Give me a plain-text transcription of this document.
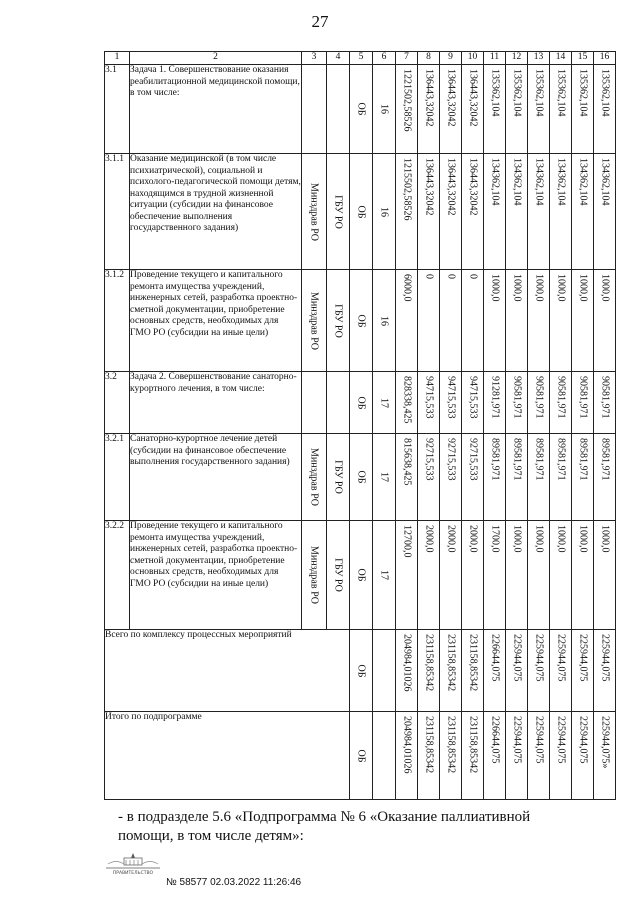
27
1	2	3	4	5	6	7	8	9	10	11	12	13	14	15	16
3.1	Задача 1. Совершенствование оказания реабилитационной медицинской помощи, в том числе:			ОБ	16	1221502,58526	136443,32042	136443,32042	136443,32042	135362,104	135362,104	135362,104	135362,104	135362,104	135362,104

3.1.1	Оказание медицинской (в том числе психиатрической), социальной и психолого-педагогической помощи детям, находящимся в трудной жизненной ситуации (субсидии на финансовое обеспечение выполнения государственного задания)	Минздрав РО	ГБУ РО	ОБ	16	1215502,58526	136443,32042	136443,32042	136443,32042	134362,104	134362,104	134362,104	134362,104	134362,104	134362,104

3.1.2	Проведение текущего и капитального ремонта имущества учреждений, инженерных сетей, разработка проектно-сметной документации, приобретение основных средств, необходимых для ГМО РО (субсидии на иные цели)	Минздрав РО	ГБУ РО	ОБ	16	6000,0	0	0	0	1000,0	1000,0	1000,0	1000,0	1000,0	1000,0

3.2	Задача 2. Совершенствование санаторно-курортного лечения, в том числе:			ОБ	17	828338,425	94715,533	94715,533	94715,533	91281,971	90581,971	90581,971	90581,971	90581,971	90581,971

3.2.1	Санаторно-курортное лечение детей (субсидии на финансовое обеспечение выполнения государственного задания)	Минздрав РО	ГБУ РО	ОБ	17	815638,425	92715,533	92715,533	92715,533	89581,971	89581,971	89581,971	89581,971	89581,971	89581,971

3.2.2	Проведение текущего и капитального ремонта имущества учреждений, инженерных сетей, разработка проектно-сметной документации, приобретение основных средств, необходимых для ГМО РО (субсидии на иные цели)	Минздрав РО	ГБУ РО	ОБ	17	12700,0	2000,0	2000,0	2000,0	1700,0	1000,0	1000,0	1000,0	1000,0	1000,0

Всего по комплексу процессных мероприятий				ОБ		204984,01026	231158,85342	231158,85342	231158,85342	226644,075	225944,075	225944,075	225944,075	225944,075	225944,075

Итого по подпрограмме				ОБ		204984,01026	231158,85342	231158,85342	231158,85342	226644,075	225944,075	225944,075	225944,075	225944,075	225944,075»
- в подразделе 5.6 «Подпрограмма № 6 «Оказание паллиативной
помощи, в том числе детям»:
ПРАВИТЕЛЬСТВО
№ 58577 02.03.2022 11:26:46
